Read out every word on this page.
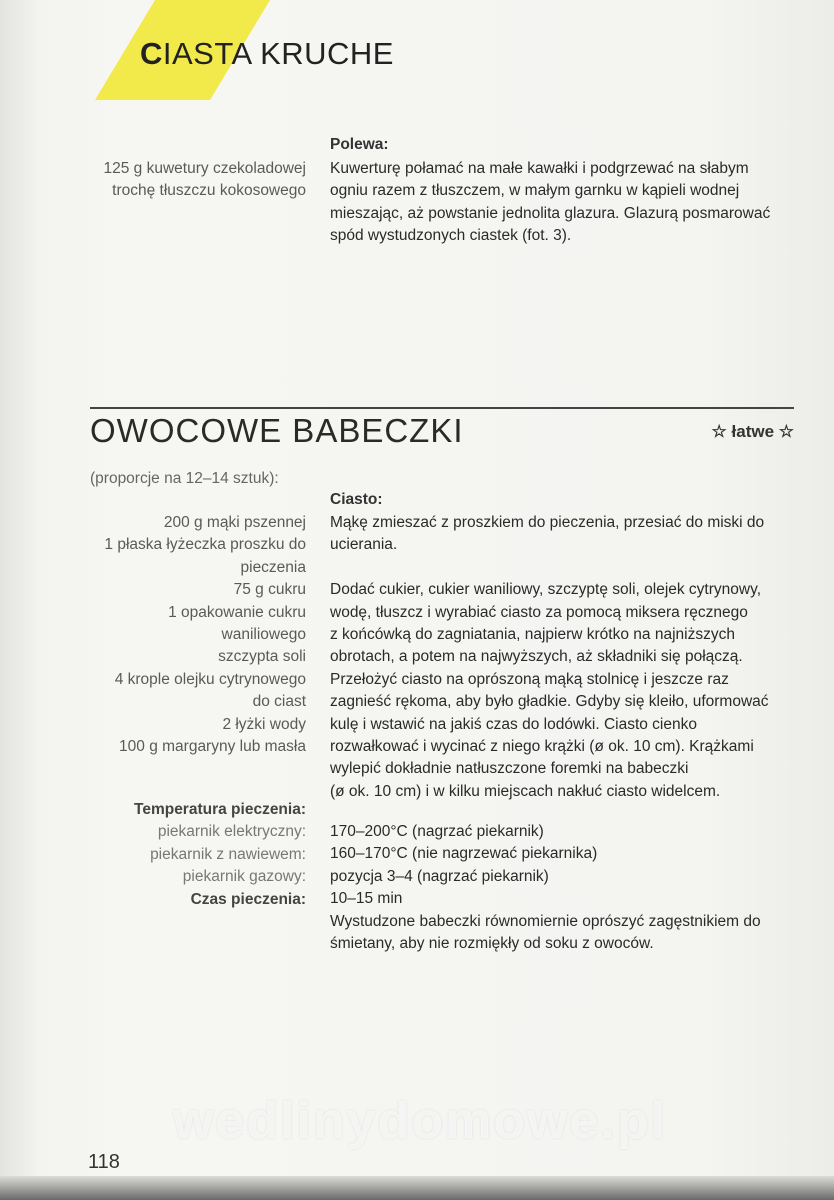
CIASTA KRUCHE
Polewa:
125 g kuwetury czekoladowej
trochę tłuszczu kokosowego
Kuwerturę połamać na małe kawałki i podgrzewać na słabym
ogniu razem z tłuszczem, w małym garnku w kąpieli wodnej
mieszając, aż powstanie jednolita glazura. Glazurą posmarować
spód wystudzonych ciastek (fot. 3).
OWOCOWE BABECZKI	☆ łatwe ☆
(proporcje na 12–14 sztuk):
200 g mąki pszennej
1 płaska łyżeczka proszku do
pieczenia
75 g cukru
1 opakowanie cukru
waniliowego
szczypta soli
4 krople olejku cytrynowego
do ciast
2 łyżki wody
100 g margaryny lub masła
Ciasto:
Mąkę zmieszać z proszkiem do pieczenia, przesiać do miski do
ucierania.
Dodać cukier, cukier waniliowy, szczyptę soli, olejek cytrynowy,
wodę, tłuszcz i wyrabiać ciasto za pomocą miksera ręcznego
z końcówką do zagniatania, najpierw krótko na najniższych
obrotach, a potem na najwyższych, aż składniki się połączą.
Przełożyć ciasto na oprószoną mąką stolnicę i jeszcze raz
zagnieść rękoma, aby było gładkie. Gdyby się kleiło, uformować
kulę i wstawić na jakiś czas do lodówki. Ciasto cienko
rozwałkować i wycinać z niego krążki (ø ok. 10 cm). Krążkami
wylepić dokładnie natłuszczone foremki na babeczki
(ø ok. 10 cm) i w kilku miejscach nakłuć ciasto widelcem.
Temperatura pieczenia:
piekarnik elektryczny:
piekarnik z nawiewem:
piekarnik gazowy:
Czas pieczenia:
170–200°C (nagrzać piekarnik)
160–170°C (nie nagrzewać piekarnika)
pozycja 3–4 (nagrzać piekarnik)
10–15 min
Wystudzone babeczki równomiernie oprószyć zagęstnikiem do
śmietany, aby nie rozmiękły od soku z owoców.
wedlinydomowe.pl
118
